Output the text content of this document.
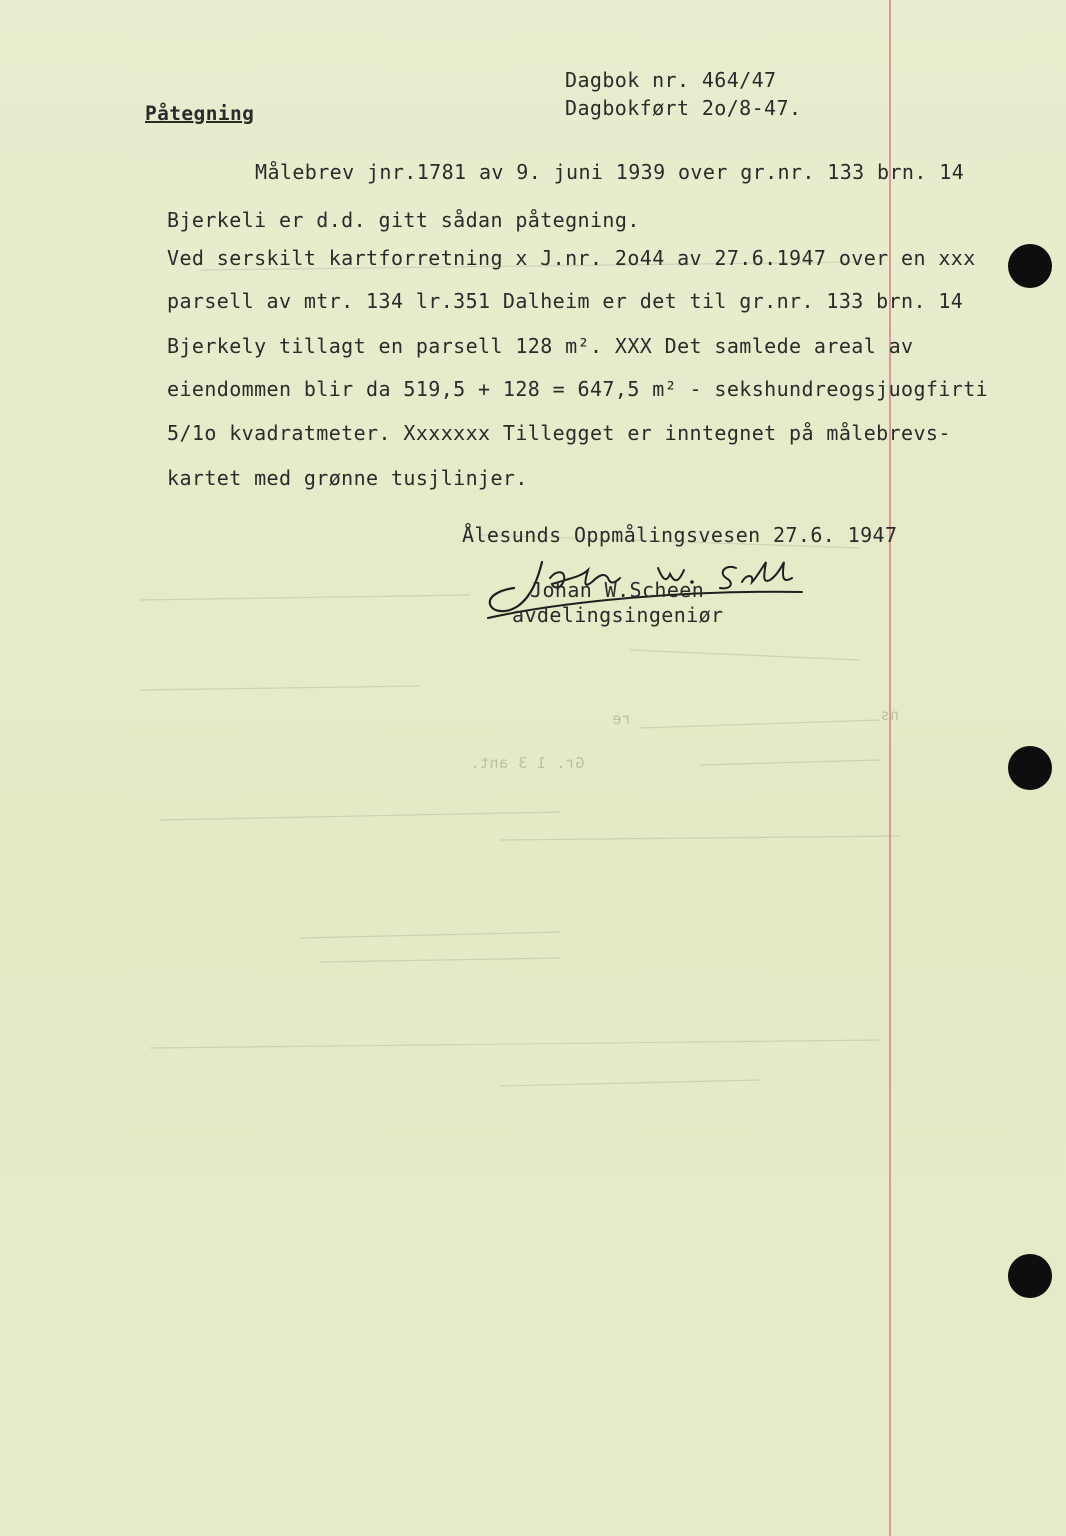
Dagbok nr. 464/47
Dagbokført 2o/8-47.
Påtegning
Målebrev jnr.1781 av 9. juni 1939 over gr.nr. 133 brn. 14
Bjerkeli er d.d. gitt sådan påtegning.
Ved serskilt kartforretning x J.nr. 2o44 av 27.6.1947 over en xxx
parsell av mtr. 134 lr.351 Dalheim er det til gr.nr. 133 brn. 14
Bjerkely tillagt en parsell 128 m². XXX Det samlede areal av
eiendommen blir da 519,5 + 128 = 647,5 m² - sekshundreogsjuogfirti
5/1o kvadratmeter. Xxxxxxx Tillegget er inntegnet på målebrevs-
kartet med grønne tusjlinjer.
Ålesunds Oppmålingsvesen 27.6. 1947
Johan W.Scheen
avdelingsingeniør
re	ns
Gr. 1 3 ant.
